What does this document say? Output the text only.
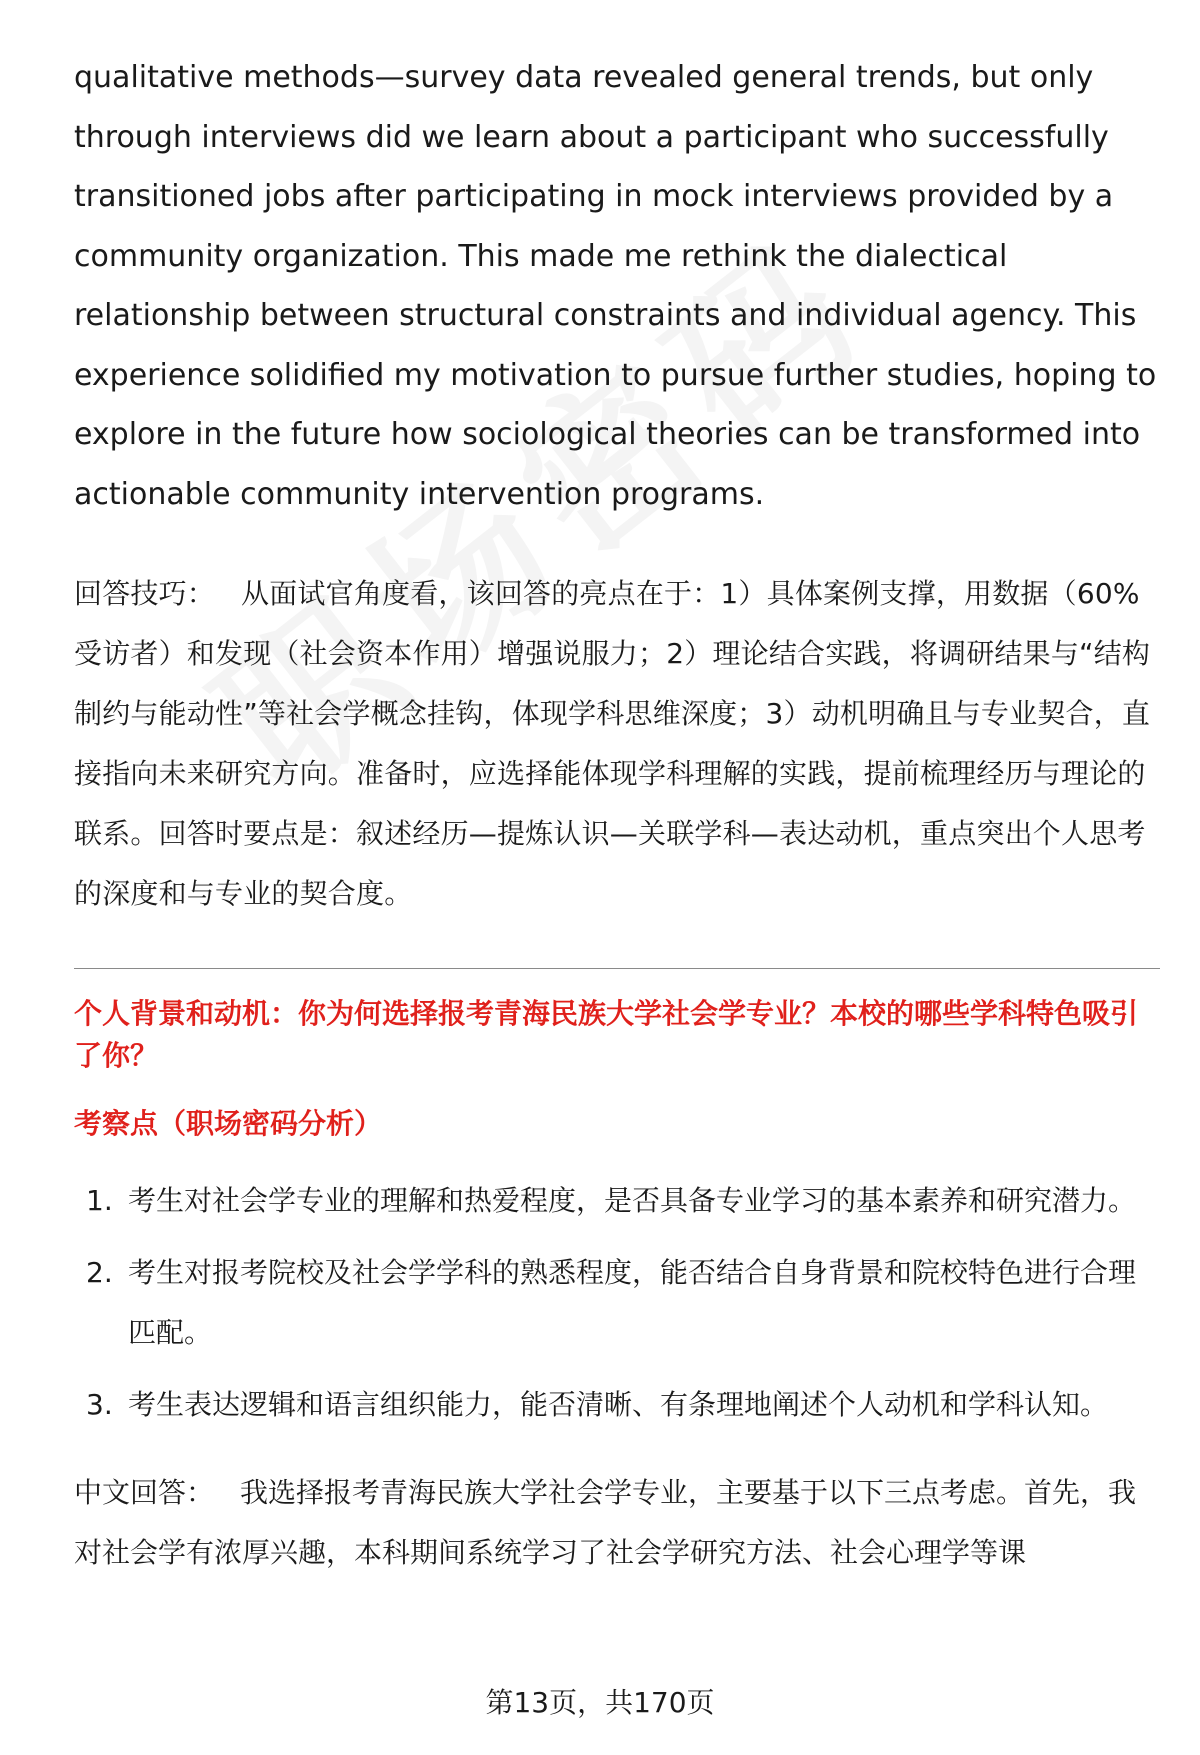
qualitative methods—survey data revealed general trends, but only through interviews did we learn about a participant who successfully transitioned jobs after participating in mock interviews provided by a community organization. This made me rethink the dialectical relationship between structural constraints and individual agency. This experience solidified my motivation to pursue further studies, hoping to explore in the future how sociological theories can be transformed into actionable community intervention programs.

回答技巧： 从面试官角度看，该回答的亮点在于：1）具体案例支撑，用数据（60%受访者）和发现（社会资本作用）增强说服力；2）理论结合实践，将调研结果与“结构制约与能动性”等社会学概念挂钩，体现学科思维深度；3）动机明确且与专业契合，直接指向未来研究方向。准备时，应选择能体现学科理解的实践，提前梳理经历与理论的联系。回答时要点是：叙述经历—提炼认识—关联学科—表达动机，重点突出个人思考的深度和与专业的契合度。

个人背景和动机：你为何选择报考青海民族大学社会学专业？本校的哪些学科特色吸引了你？

考察点（职场密码分析）

1. 考生对社会学专业的理解和热爱程度，是否具备专业学习的基本素养和研究潜力。
2. 考生对报考院校及社会学学科的熟悉程度，能否结合自身背景和院校特色进行合理匹配。
3. 考生表达逻辑和语言组织能力，能否清晰、有条理地阐述个人动机和学科认知。

中文回答： 我选择报考青海民族大学社会学专业，主要基于以下三点考虑。首先，我对社会学有浓厚兴趣，本科期间系统学习了社会学研究方法、社会心理学等课

第13页，共170页
